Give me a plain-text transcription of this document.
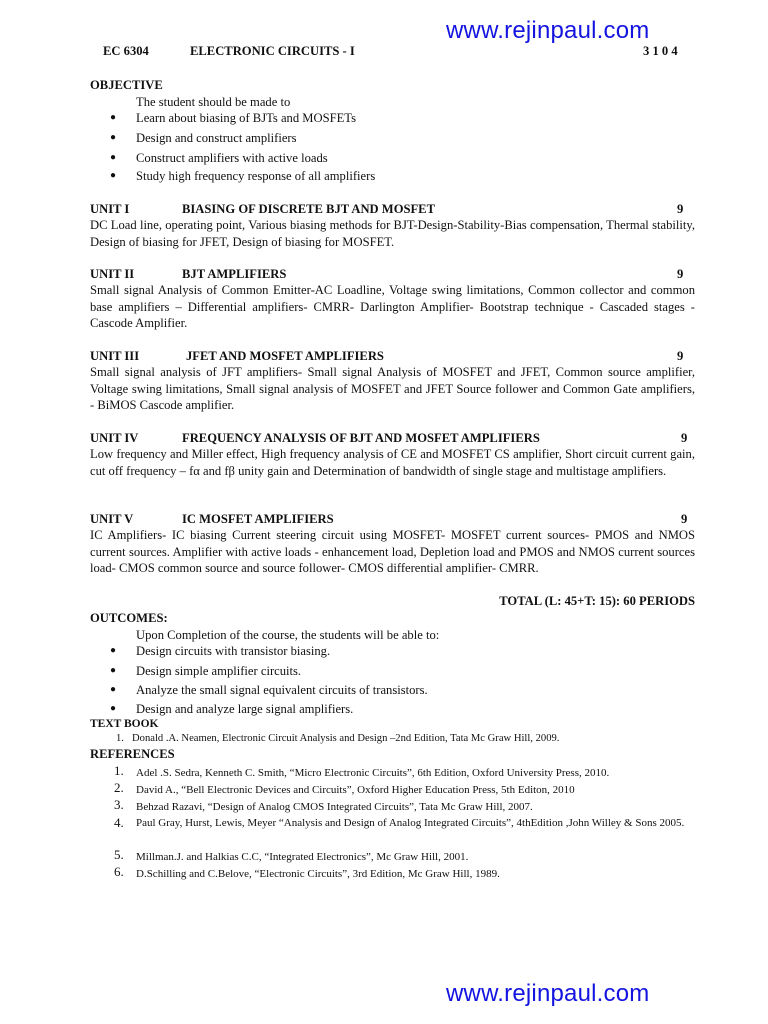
www.rejinpaul.com
EC 6304	ELECTRONIC CIRCUITS - I	3 1 0 4
OBJECTIVE
The student should be made to
● Learn about biasing of BJTs and MOSFETs
● Design and construct amplifiers
● Construct amplifiers with active loads
● Study high frequency response of all amplifiers
UNIT I	BIASING OF DISCRETE BJT AND MOSFET	9
DC Load line, operating point, Various biasing methods for BJT-Design-Stability-Bias compensation, Thermal stability, Design of biasing for JFET, Design of biasing for MOSFET.
UNIT II	BJT AMPLIFIERS	9
Small signal Analysis of Common Emitter-AC Loadline, Voltage swing limitations, Common collector and common base amplifiers – Differential amplifiers- CMRR- Darlington Amplifier- Bootstrap technique - Cascaded stages - Cascode Amplifier.
UNIT III	JFET AND MOSFET AMPLIFIERS	9
Small signal analysis of JFT amplifiers- Small signal Analysis of MOSFET and JFET, Common source amplifier, Voltage swing limitations, Small signal analysis of MOSFET and JFET Source follower and Common Gate amplifiers, - BiMOS Cascode amplifier.
UNIT IV	FREQUENCY ANALYSIS OF BJT AND MOSFET AMPLIFIERS	9
Low frequency and Miller effect, High frequency analysis of CE and MOSFET CS amplifier, Short circuit current gain, cut off frequency – fα and fβ unity gain and Determination of bandwidth of single stage and multistage amplifiers.
UNIT V	IC MOSFET AMPLIFIERS	9
IC Amplifiers- IC biasing Current steering circuit using MOSFET- MOSFET current sources- PMOS and NMOS current sources. Amplifier with active loads - enhancement load, Depletion load and PMOS and NMOS current sources load- CMOS common source and source follower- CMOS differential amplifier- CMRR.
TOTAL (L: 45+T: 15): 60 PERIODS
OUTCOMES:
Upon Completion of the course, the students will be able to:
● Design circuits with transistor biasing.
● Design simple amplifier circuits.
● Analyze the small signal equivalent circuits of transistors.
● Design and analyze large signal amplifiers.
TEXT BOOK
1. Donald .A. Neamen, Electronic Circuit Analysis and Design –2nd Edition, Tata Mc Graw Hill, 2009.
REFERENCES
1. Adel .S. Sedra, Kenneth C. Smith, “Micro Electronic Circuits”, 6th Edition, Oxford University Press, 2010.
2. David A., “Bell Electronic Devices and Circuits”, Oxford Higher Education Press, 5th Editon, 2010
3. Behzad Razavi, “Design of Analog CMOS Integrated Circuits”, Tata Mc Graw Hill, 2007.
4. Paul Gray, Hurst, Lewis, Meyer “Analysis and Design of Analog Integrated Circuits”, 4thEdition ,John Willey & Sons 2005.
5. Millman.J. and Halkias C.C, “Integrated Electronics”, Mc Graw Hill, 2001.
6. D.Schilling and C.Belove, “Electronic Circuits”, 3rd Edition, Mc Graw Hill, 1989.
www.rejinpaul.com
